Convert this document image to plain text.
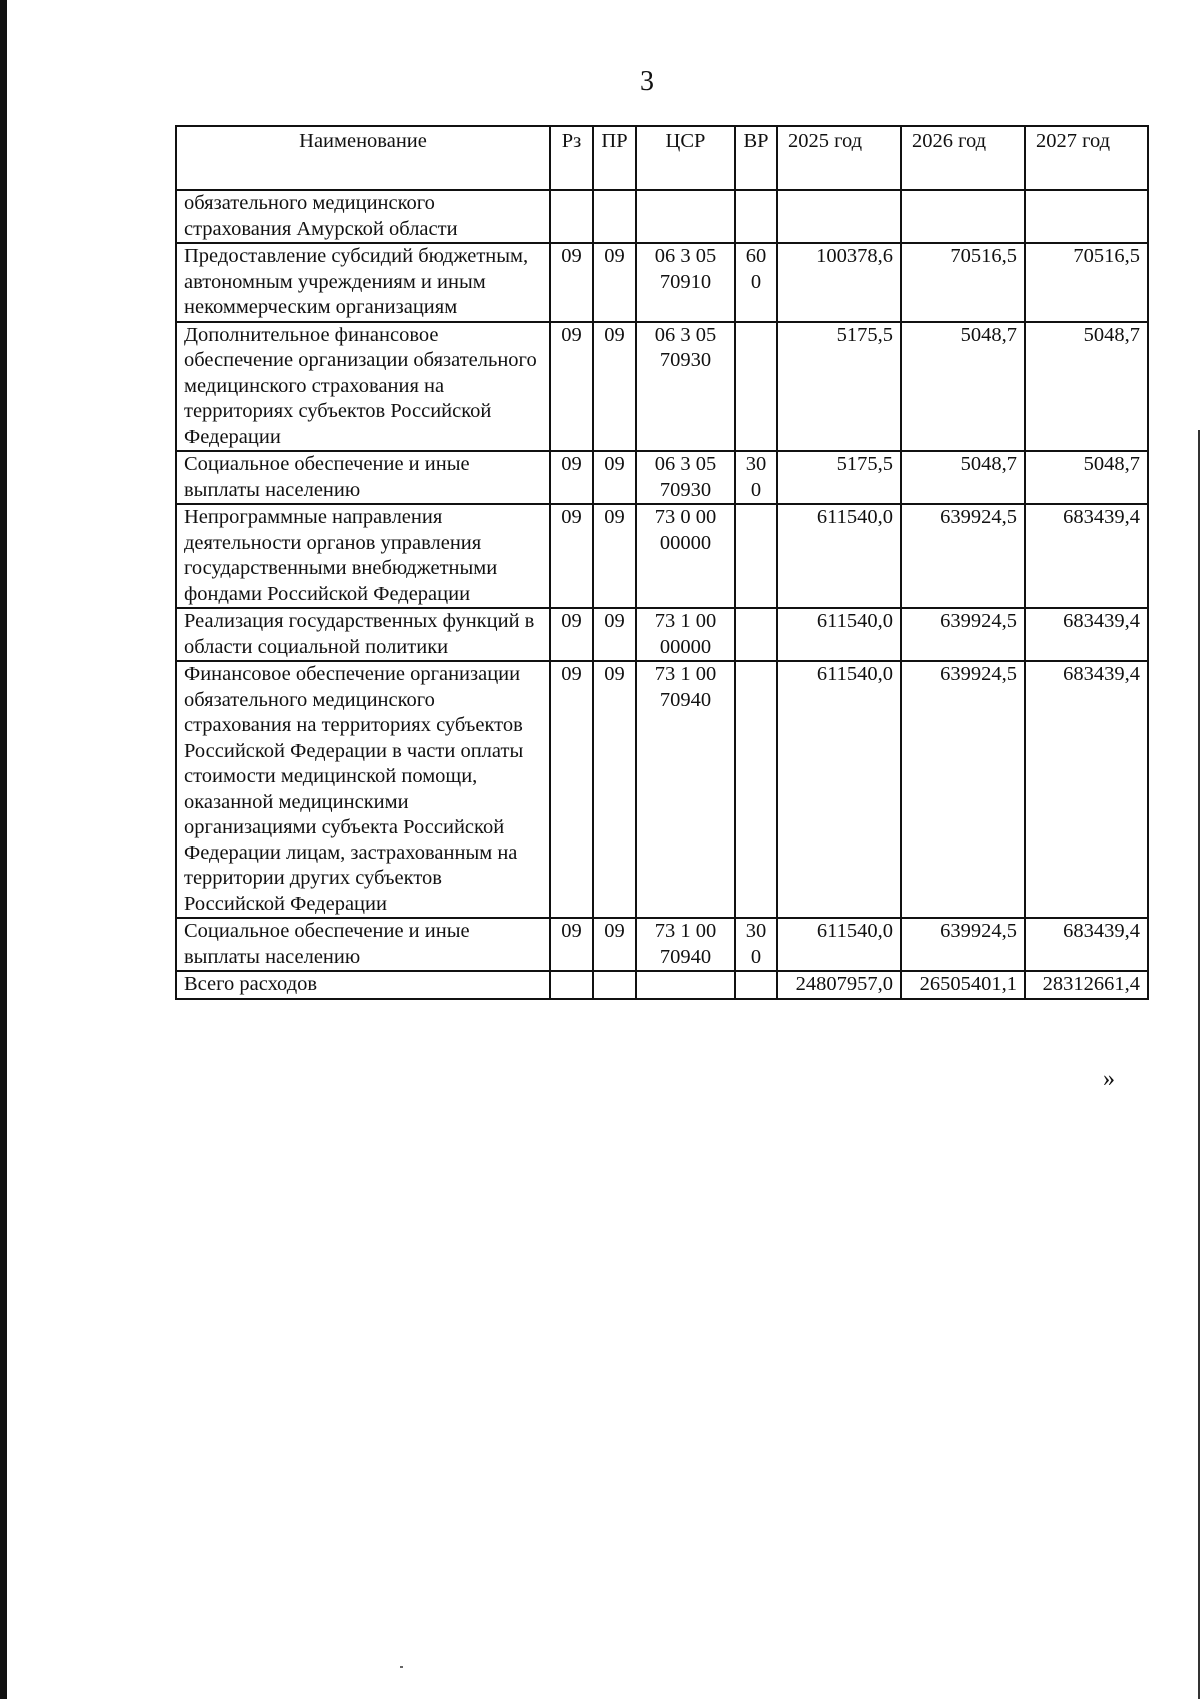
3
Наименование	Рз	ПР	ЦСР	ВР	2025 год	2026 год	2027 год
обязательного медицинского страхования Амурской области							
Предоставление субсидий бюджетным, автономным учреждениям и иным некоммерческим организациям	09	09	06 3 05 70910	600	100378,6	70516,5	70516,5
Дополнительное финансовое обеспечение организации обязательного медицинского страхования на территориях субъектов Российской Федерации	09	09	06 3 05 70930		5175,5	5048,7	5048,7
Социальное обеспечение и иные выплаты населению	09	09	06 3 05 70930	300	5175,5	5048,7	5048,7
Непрограммные направления деятельности органов управления государственными внебюджетными фондами Российской Федерации	09	09	73 0 00 00000		611540,0	639924,5	683439,4
Реализация государственных функций в области социальной политики	09	09	73 1 00 00000		611540,0	639924,5	683439,4
Финансовое обеспечение организации обязательного медицинского страхования на территориях субъектов Российской Федерации в части оплаты стоимости медицинской помощи, оказанной медицинскими организациями субъекта Российской Федерации лицам, застрахованным на территории других субъектов Российской Федерации	09	09	73 1 00 70940		611540,0	639924,5	683439,4
Социальное обеспечение и иные выплаты населению	09	09	73 1 00 70940	300	611540,0	639924,5	683439,4
Всего расходов					24807957,0	26505401,1	28312661,4
»
